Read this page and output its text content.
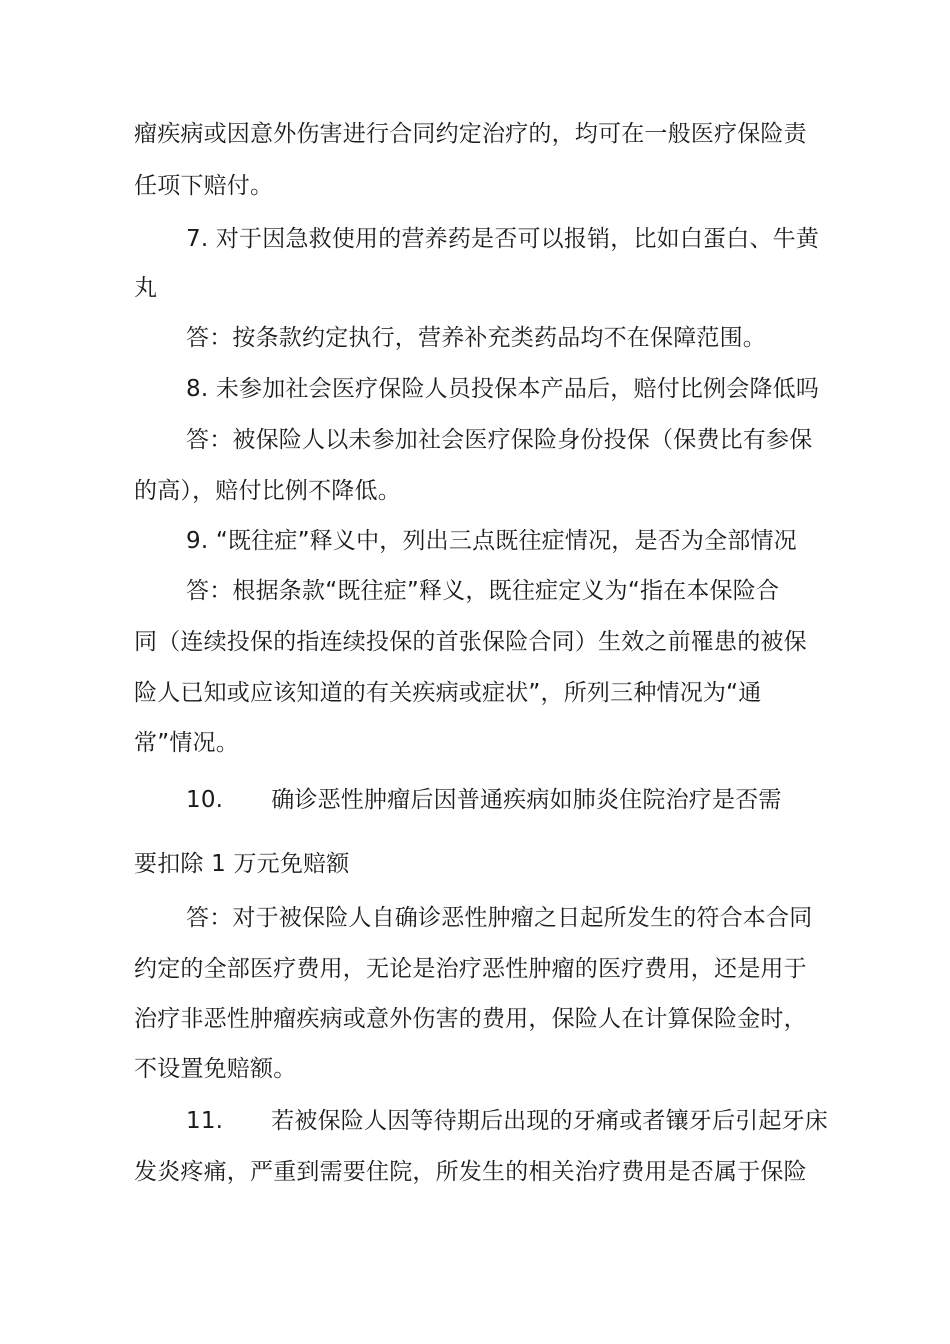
瘤疾病或因意外伤害进行合同约定治疗的，均可在一般医疗保险责
任项下赔付。
7. 对于因急救使用的营养药是否可以报销，比如白蛋白、牛黄
丸
答：按条款约定执行，营养补充类药品均不在保障范围。
8. 未参加社会医疗保险人员投保本产品后，赔付比例会降低吗
答：被保险人以未参加社会医疗保险身份投保（保费比有参保
的高），赔付比例不降低。
9. “既往症”释义中，列出三点既往症情况，是否为全部情况
答：根据条款“既往症”释义，既往症定义为“指在本保险合
同（连续投保的指连续投保的首张保险合同）生效之前罹患的被保
险人已知或应该知道的有关疾病或症状”，所列三种情况为“通
常”情况。
10. 确诊恶性肿瘤后因普通疾病如肺炎住院治疗是否需
要扣除 1 万元免赔额
答：对于被保险人自确诊恶性肿瘤之日起所发生的符合本合同
约定的全部医疗费用，无论是治疗恶性肿瘤的医疗费用，还是用于
治疗非恶性肿瘤疾病或意外伤害的费用，保险人在计算保险金时，
不设置免赔额。
11. 若被保险人因等待期后出现的牙痛或者镶牙后引起牙床
发炎疼痛，严重到需要住院，所发生的相关治疗费用是否属于保险
